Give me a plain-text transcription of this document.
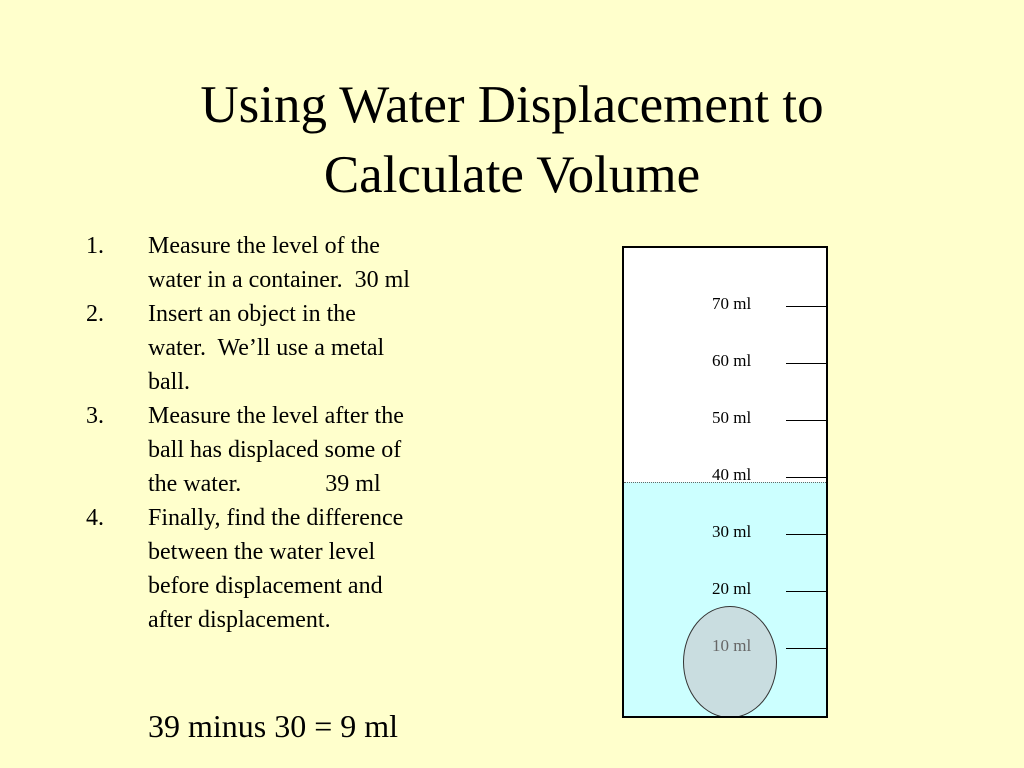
Using Water Displacement to
Calculate Volume
1.	Measure the level of the
water in a container.  30 ml
2.	Insert an object in the
water.  We’ll use a metal
ball.
3.	Measure the level after the
ball has displaced some of
the water.              39 ml
4.	Finally, find the difference
between the water level
before displacement and
after displacement.
39 minus 30 = 9 ml
70 ml
60 ml
50 ml
40 ml
30 ml
20 ml
10 ml
